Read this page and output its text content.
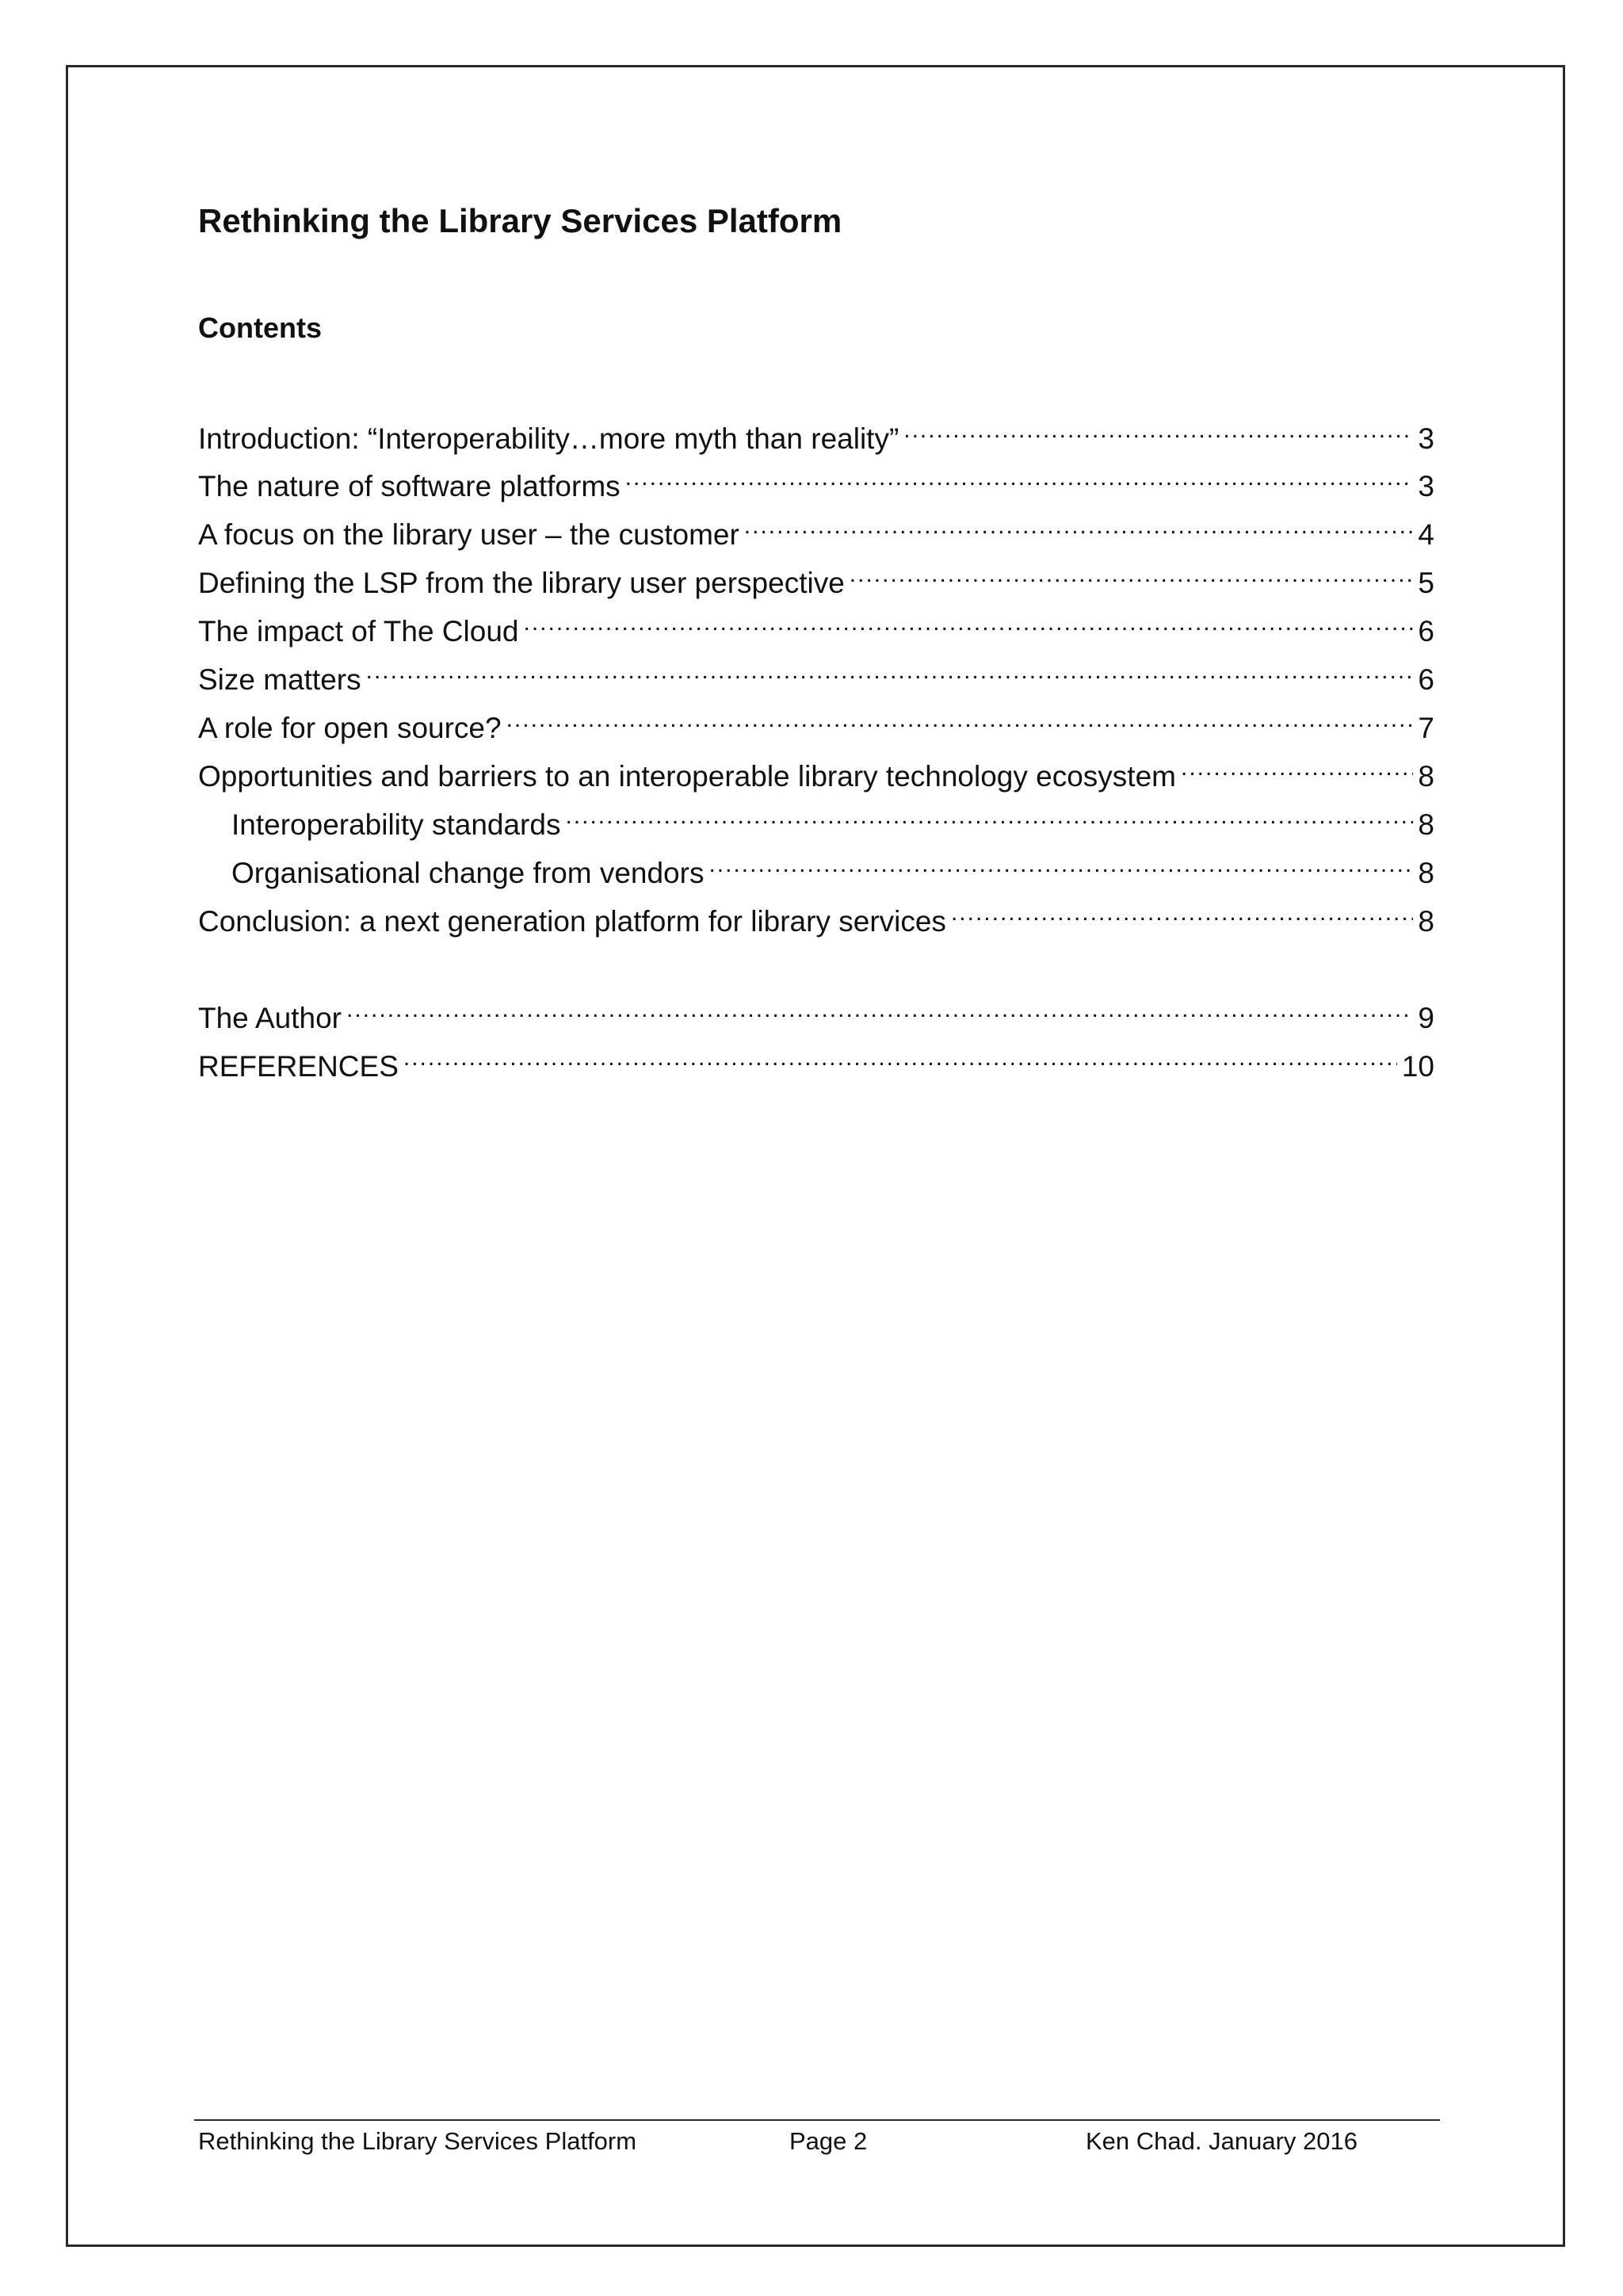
Rethinking the Library Services Platform
Contents
Introduction: “Interoperability…more myth than reality” .....	3
The nature of software platforms .....	3
A focus on the library user – the customer .....	4
Defining the LSP from the library user perspective .....	5
The impact of The Cloud .....	6
Size matters .....	6
A role for open source? .....	7
Opportunities and barriers to an interoperable library technology ecosystem .....	8
Interoperability standards .....	8
Organisational change from vendors .....	8
Conclusion: a next generation platform for library services .....	8
The Author .....	9
REFERENCES .....	10
Rethinking the Library Services Platform	Page 2	Ken Chad. January 2016
